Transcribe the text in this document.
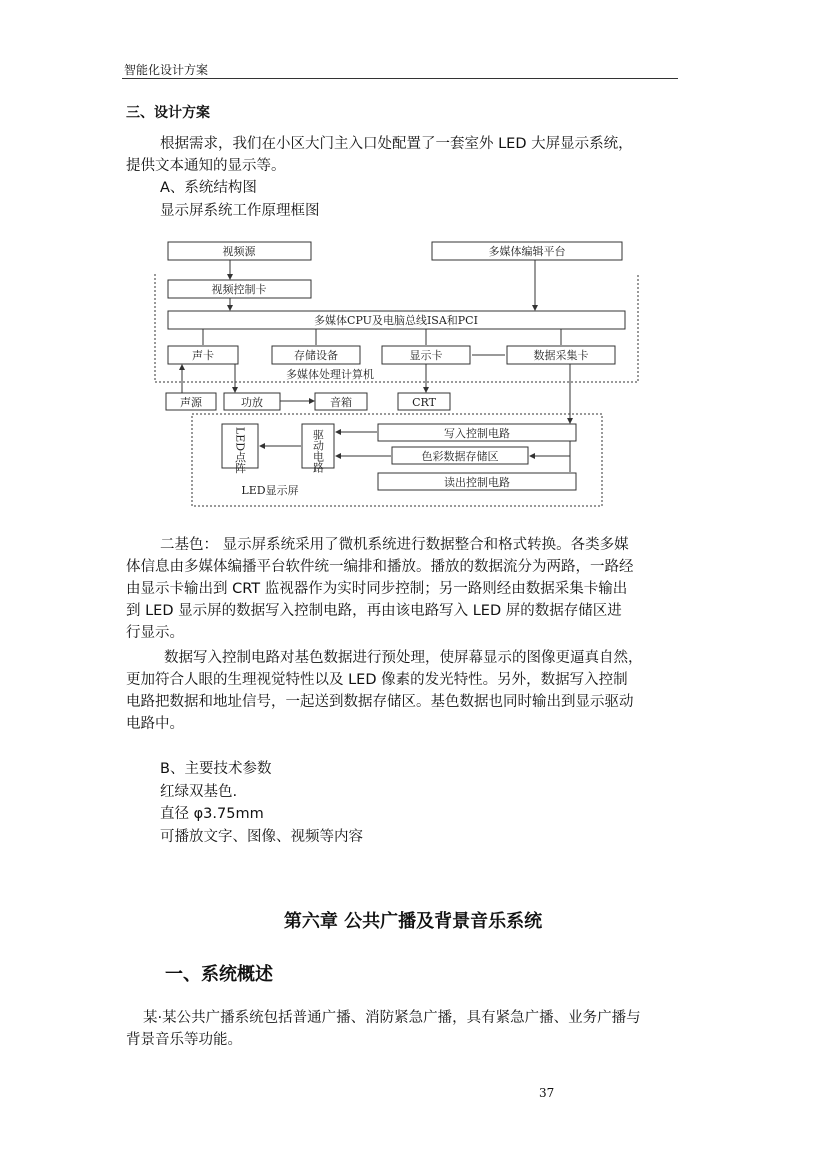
智能化设计方案
三、设计方案
根据需求，我们在小区大门主入口处配置了一套室外 LED 大屏显示系统，
提供文本通知的显示等。
A、系统结构图
显示屏系统工作原理框图
视频源	多媒体编辑平台
视频控制卡
多媒体CPU及电脑总线ISA和PCI
声卡	存储设备	显示卡	数据采集卡
多媒体处理计算机
声源	功放	音箱	CRT
LED点阵	驱动电路	写入控制电路
色彩数据存储区
读出控制电路
LED显示屏
二基色： 显示屏系统采用了微机系统进行数据整合和格式转换。各类多媒
体信息由多媒体编播平台软件统一编排和播放。播放的数据流分为两路，一路经
由显示卡输出到 CRT 监视器作为实时同步控制；另一路则经由数据采集卡输出
到 LED 显示屏的数据写入控制电路，再由该电路写入 LED 屏的数据存储区进
行显示。
数据写入控制电路对基色数据进行预处理，使屏幕显示的图像更逼真自然，
更加符合人眼的生理视觉特性以及 LED 像素的发光特性。另外，数据写入控制
电路把数据和地址信号，一起送到数据存储区。基色数据也同时输出到显示驱动
电路中。
B、主要技术参数
红绿双基色.
直径 φ3.75mm
可播放文字、图像、视频等内容
第六章 公共广播及背景音乐系统
一、系统概述
某·某公共广播系统包括普通广播、消防紧急广播，具有紧急广播、业务广播与
背景音乐等功能。
37
